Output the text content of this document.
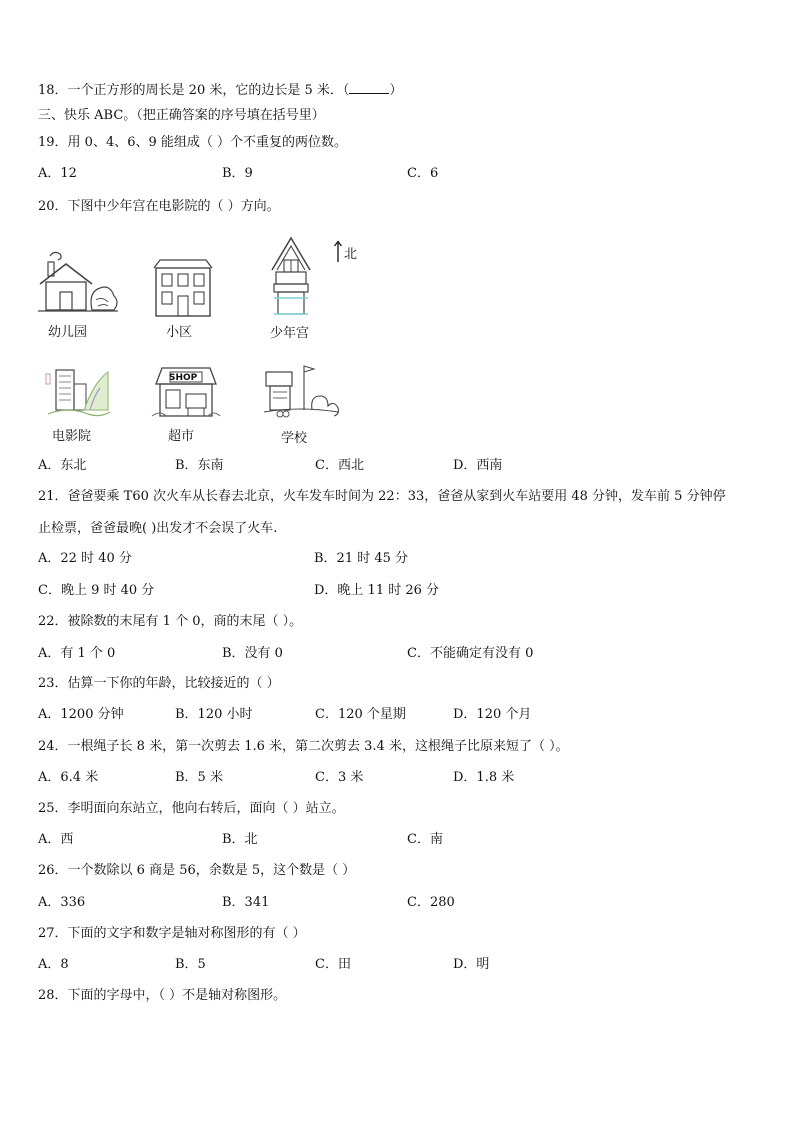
18．一个正方形的周长是 20 米，它的边长是 5 米．（	）
三、快乐 ABC。（把正确答案的序号填在括号里）
19．用 0、4、6、9 能组成（ ）个不重复的两位数。
A．12	B．9	C．6
20．下图中少年宫在电影院的（ ）方向。
北
幼儿园	小区	少年宫
电影院
SHOP
超市	学校
A．东北	B．东南	C．西北	D．西南
21．爸爸要乘 T60 次火车从长春去北京，火车发车时间为 22：33，爸爸从家到火车站要用 48 分钟，发车前 5 分钟停
止检票，爸爸最晚( )出发才不会误了火车.
A．22 时 40 分	B．21 时 45 分
C．晚上 9 时 40 分	D．晚上 11 时 26 分
22．被除数的末尾有 1 个 0，商的末尾（ ）。
A．有 1 个 0	B．没有 0	C．不能确定有没有 0
23．估算一下你的年龄，比较接近的（ ）
A．1200 分钟	B．120 小时	C．120 个星期	D．120 个月
24．一根绳子长 8 米，第一次剪去 1.6 米，第二次剪去 3.4 米，这根绳子比原来短了（ ）。
A．6.4 米	B．5 米	C．3 米	D．1.8 米
25．李明面向东站立，他向右转后，面向（ ）站立。
A．西	B．北	C．南
26．一个数除以 6 商是 56，余数是 5，这个数是（ ）
A．336	B．341	C．280
27．下面的文字和数字是轴对称图形的有（ ）
A．8	B．5	C．田	D．明
28．下面的字母中，（ ）不是轴对称图形。
